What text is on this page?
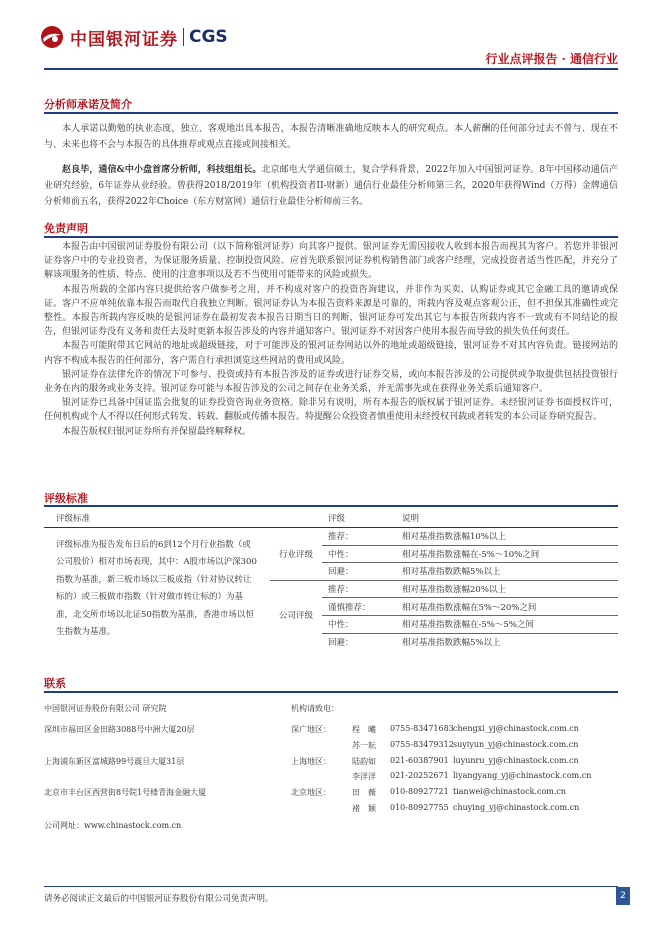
中国银河证券 CGS
行业点评报告 · 通信行业
分析师承诺及简介

本人承诺以勤勉的执业态度，独立、客观地出具本报告，本报告清晰准确地反映本人的研究观点。本人薪酬的任何部分过去不曾与、现在不与、未来也将不会与本报告的具体推荐或观点直接或间接相关。

赵良毕，通信&中小盘首席分析师，科技组组长。北京邮电大学通信硕士，复合学科背景，2022年加入中国银河证券。8年中国移动通信产业研究经验，6年证券从业经验。曾获得2018/2019年（机构投资者II-财新）通信行业最佳分析师第三名，2020年获得Wind（万得）金牌通信分析师前五名，获得2022年Choice（东方财富网）通信行业最佳分析师前三名。

免责声明

本报告由中国银河证券股份有限公司（以下简称银河证券）向其客户提供。银河证券无需因接收人收到本报告而视其为客户。若您并非银河证券客户中的专业投资者，为保证服务质量、控制投资风险、应首先联系银河证券机构销售部门或客户经理，完成投资者适当性匹配，并充分了解该项服务的性质、特点、使用的注意事项以及若不当使用可能带来的风险或损失。

本报告所载的全部内容只提供给客户做参考之用，并不构成对客户的投资咨询建议，并非作为买卖、认购证券或其它金融工具的邀请或保证。客户不应单纯依靠本报告而取代自我独立判断。银河证券认为本报告资料来源是可靠的，所载内容及观点客观公正，但不担保其准确性或完整性。本报告所载内容反映的是银河证券在最初发表本报告日期当日的判断，银河证券可发出其它与本报告所载内容不一致或有不同结论的报告，但银河证券没有义务和责任去及时更新本报告涉及的内容并通知客户。银河证券不对因客户使用本报告而导致的损失负任何责任。

本报告可能附带其它网站的地址或超级链接，对于可能涉及的银河证券网站以外的地址或超级链接，银河证券不对其内容负责。链接网站的内容不构成本报告的任何部分，客户需自行承担浏览这些网站的费用或风险。

银河证券在法律允许的情况下可参与、投资或持有本报告涉及的证券或进行证券交易，或向本报告涉及的公司提供或争取提供包括投资银行业务在内的服务或业务支持。银河证券可能与本报告涉及的公司之间存在业务关系，并无需事先或在获得业务关系后通知客户。

银河证券已具备中国证监会批复的证券投资咨询业务资格。除非另有说明，所有本报告的版权属于银河证券。未经银河证券书面授权许可，任何机构或个人不得以任何形式转发、转载、翻版或传播本报告。特提醒公众投资者慎重使用未经授权刊载或者转发的本公司证券研究报告。

本报告版权归银河证券所有并保留最终解释权。

评级标准
评级标准		评级	说明

评级标准为报告发布日后的6到12个月行业指数（或公司股价）相对市场表现，其中：A股市场以沪深300指数为基准，新三板市场以三板成指（针对协议转让标的）或三板做市指数（针对做市转让标的）为基准，北交所市场以北证50指数为基准，香港市场以恒生指数为基准。	行业评级	推荐：	相对基准指数涨幅10%以上
		中性：	相对基准指数涨幅在-5%～10%之间
		回避：	相对基准指数跌幅5%以上
	公司评级	推荐：	相对基准指数涨幅20%以上
		谨慎推荐：	相对基准指数涨幅在5%～20%之间
		中性：	相对基准指数涨幅在-5%～5%之间
		回避：	相对基准指数跌幅5%以上
联系
中国银河证券股份有限公司 研究院	机构请致电：
深圳市福田区金田路3088号中洲大厦20层
上海浦东新区富城路99号震旦大厦31层
北京市丰台区西营街8号院1号楼青海金融大厦
深广地区：	程　曦 0755-83471683 chengxi_yj@chinastock.com.cn
苏一耘 0755-83479312 suyiyun_yj@chinastock.com.cn
上海地区：	陆韵如 021-60387901 luyunru_yj@chinastock.com.cn
李洋洋 021-20252671 liyangyang_yj@chinastock.com.cn
北京地区：	田　薇 010-80927721 tianwei@chinastock.com.cn
褚　颖 010-80927755 chuying_yj@chinastock.com.cn
公司网址：www.chinastock.com.cn
请务必阅读正文最后的中国银河证券股份有限公司免责声明。	2
